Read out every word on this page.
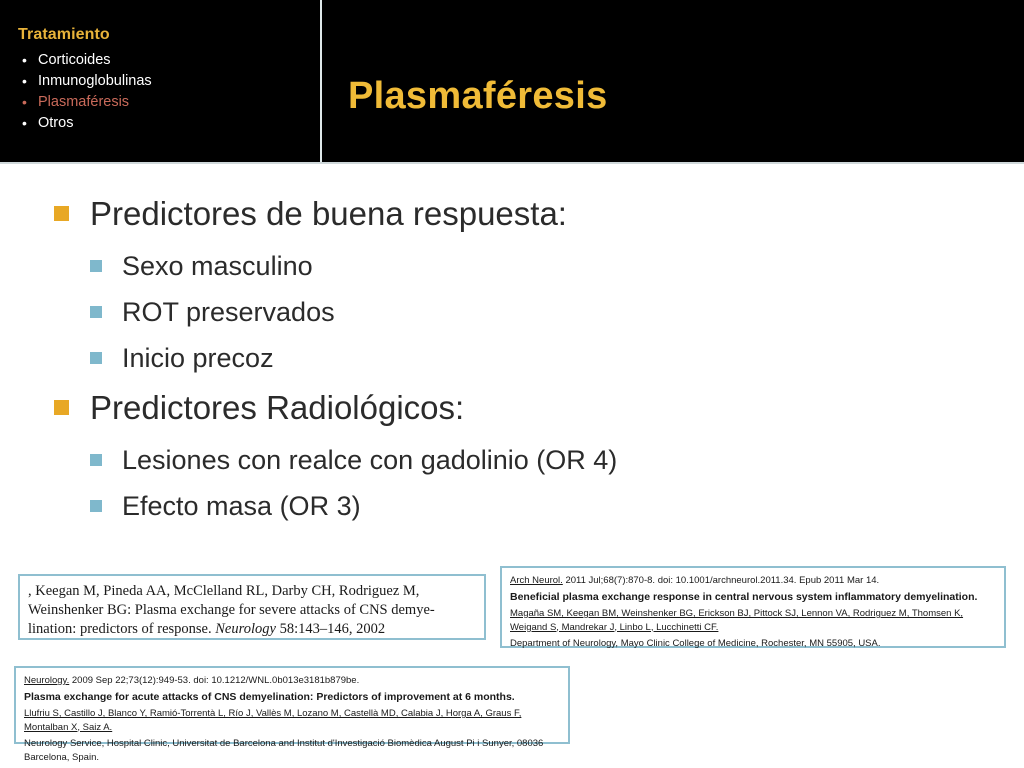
Tratamiento
• Corticoides
• Inmunoglobulinas
• Plasmaféresis
• Otros
Plasmaféresis
Predictores de buena respuesta:
Sexo masculino
ROT preservados
Inicio precoz
Predictores Radiológicos:
Lesiones con realce con gadolinio (OR 4)
Efecto masa (OR 3)
, Keegan M, Pineda AA, McClelland RL, Darby CH, Rodriguez M,
Weinshenker BG: Plasma exchange for severe attacks of CNS demye-
lination: predictors of response. Neurology 58:143–146, 2002
Arch Neurol. 2011 Jul;68(7):870-8. doi: 10.1001/archneurol.2011.34. Epub 2011 Mar 14.
Beneficial plasma exchange response in central nervous system inflammatory demyelination.
Magaña SM, Keegan BM, Weinshenker BG, Erickson BJ, Pittock SJ, Lennon VA, Rodriguez M, Thomsen K, Weigand S, Mandrekar J, Linbo L, Lucchinetti CF.
Department of Neurology, Mayo Clinic College of Medicine, Rochester, MN 55905, USA.
Neurology. 2009 Sep 22;73(12):949-53. doi: 10.1212/WNL.0b013e3181b879be.
Plasma exchange for acute attacks of CNS demyelination: Predictors of improvement at 6 months.
Llufriu S, Castillo J, Blanco Y, Ramió-Torrentà L, Río J, Vallès M, Lozano M, Castellà MD, Calabia J, Horga A, Graus F, Montalban X, Saiz A.
Neurology Service, Hospital Clinic, Universitat de Barcelona and Institut d'Investigació Biomèdica August Pi i Sunyer, 08036 Barcelona, Spain.
